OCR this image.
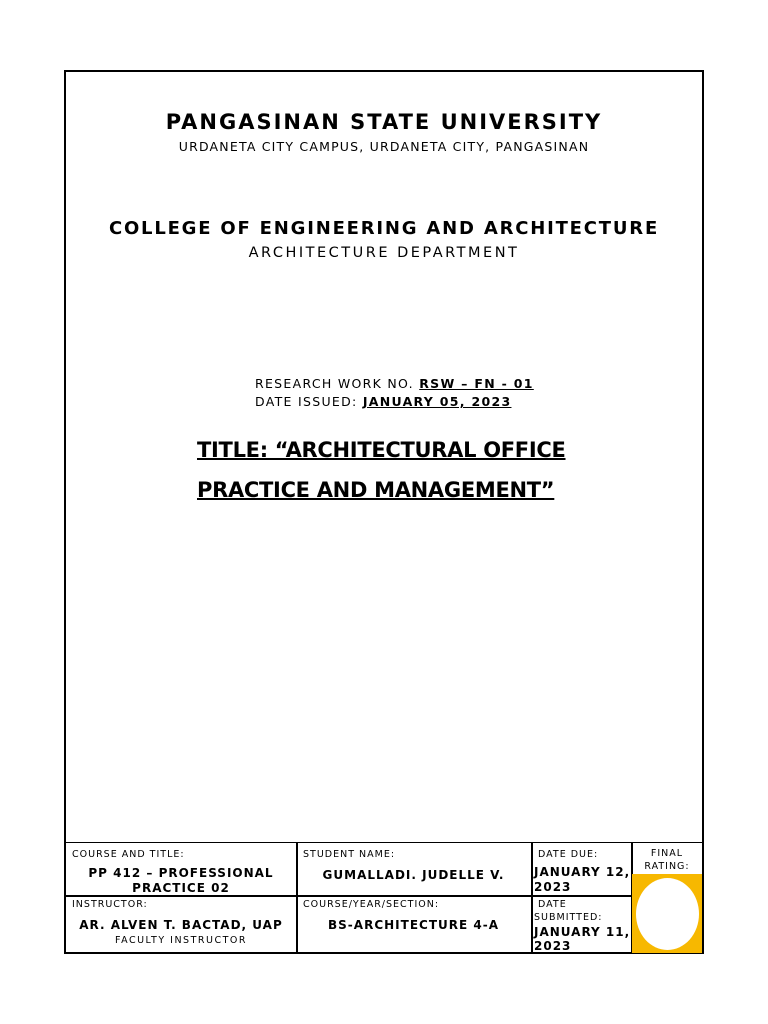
PANGASINAN STATE UNIVERSITY
URDANETA CITY CAMPUS, URDANETA CITY, PANGASINAN
COLLEGE OF ENGINEERING AND ARCHITECTURE
ARCHITECTURE DEPARTMENT
RESEARCH WORK NO. RSW – FN - 01
DATE ISSUED: JANUARY 05, 2023
TITLE: “ARCHITECTURAL OFFICE
PRACTICE AND MANAGEMENT”
COURSE AND TITLE:
PP 412 – PROFESSIONAL
PRACTICE 02
STUDENT NAME:
GUMALLADI. JUDELLE V.
DATE DUE:
JANUARY 12,
2023
FINAL
RATING:
INSTRUCTOR:
AR. ALVEN T. BACTAD, UAP
FACULTY INSTRUCTOR
COURSE/YEAR/SECTION:
BS-ARCHITECTURE 4-A
DATE
SUBMITTED:
JANUARY 11,
2023
